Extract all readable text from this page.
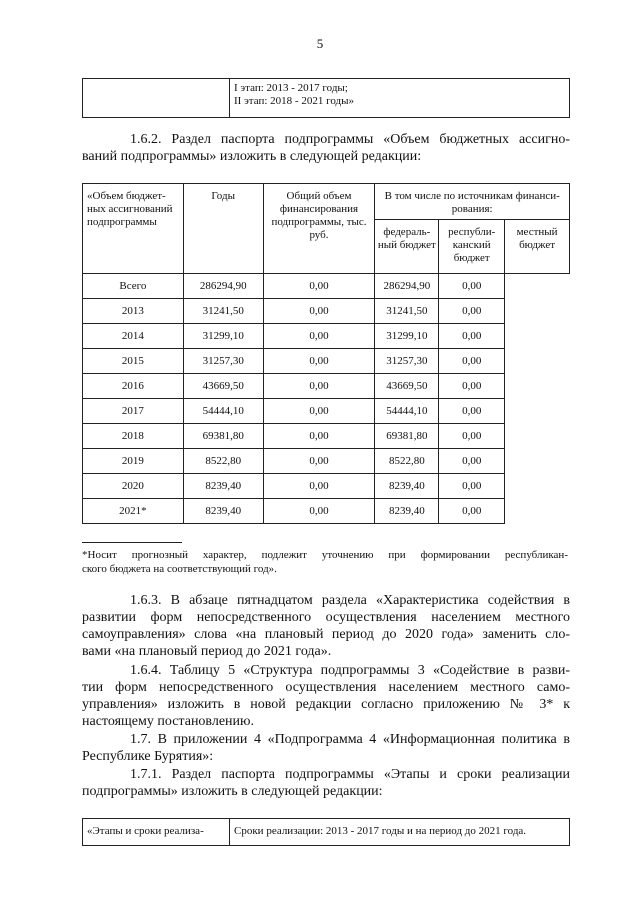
5

I этап: 2013 - 2017 годы;
II этап: 2018 - 2021 годы»
1.6.2. Раздел паспорта подпрограммы «Объем бюджетных ассигно-
ваний подпрограммы» изложить в следующей редакции:
«Объем бюджет- ных ассигнований подпрограммы	Годы	Общий объем финансирования подпрограммы, тыс. руб.	В том числе по источникам финанси- рования:		
			федераль- ный бюджет	республи- канский бюджет	местный бюджет
Всего	286294,90	0,00	286294,90	0,00	
2013	31241,50	0,00	31241,50	0,00	
2014	31299,10	0,00	31299,10	0,00	
2015	31257,30	0,00	31257,30	0,00	
2016	43669,50	0,00	43669,50	0,00	
2017	54444,10	0,00	54444,10	0,00	
2018	69381,80	0,00	69381,80	0,00	
2019	8522,80	0,00	8522,80	0,00	
2020	8239,40	0,00	8239,40	0,00	
2021*	8239,40	0,00	8239,40	0,00	
*Носит прогнозный характер, подлежит уточнению при формировании республикан-
ского бюджета на соответствующий год».
1.6.3. В абзаце пятнадцатом раздела «Характеристика содействия в
развитии форм непосредственного осуществления населением местного
самоуправления» слова «на плановый период до 2020 года» заменить сло-
вами «на плановый период до 2021 года».
1.6.4. Таблицу 5 «Структура подпрограммы 3 «Содействие в разви-
тии форм непосредственного осуществления населением местного само-
управления» изложить в новой редакции согласно приложению № 3* к
настоящему постановлению.
1.7. В приложении 4 «Подпрограмма 4 «Информационная политика в
Республике Бурятия»:
1.7.1. Раздел паспорта подпрограммы «Этапы и сроки реализации
подпрограммы» изложить в следующей редакции:
«Этапы и сроки реализа-	Сроки реализации: 2013 - 2017 годы и на период до 2021 года.
